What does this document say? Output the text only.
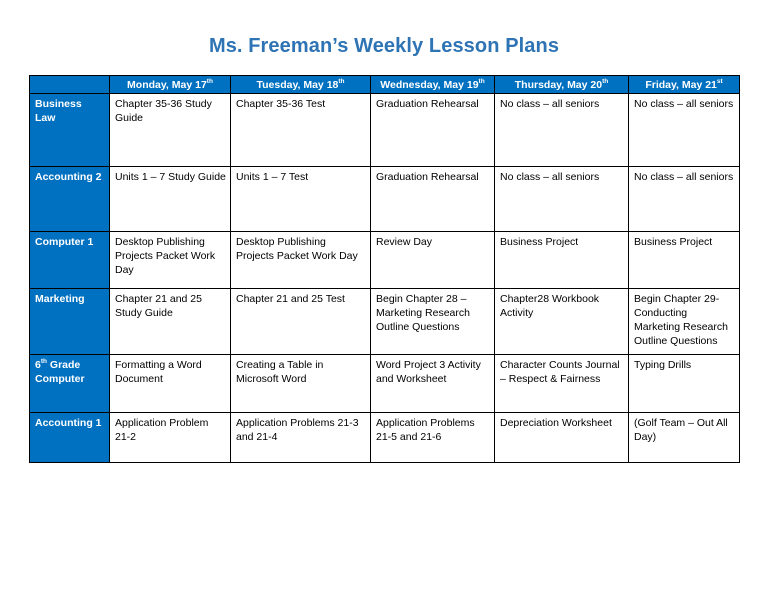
Ms. Freeman’s Weekly Lesson Plans
	Monday, May 17th	Tuesday, May 18th	Wednesday, May 19th	Thursday, May 20th	Friday, May 21st
Business Law	Chapter 35-36 Study Guide	Chapter 35-36 Test	Graduation Rehearsal	No class – all seniors	No class – all seniors
Accounting 2	Units 1 – 7 Study Guide	Units 1 – 7 Test	Graduation Rehearsal	No class – all seniors	No class – all seniors
Computer 1	Desktop Publishing Projects Packet Work Day	Desktop Publishing Projects Packet Work Day	Review Day	Business Project	Business Project
Marketing	Chapter 21 and 25 Study Guide	Chapter 21 and 25 Test	Begin Chapter 28 – Marketing Research Outline Questions	Chapter28 Workbook Activity	Begin Chapter 29- Conducting Marketing Research Outline Questions
6th Grade Computer	Formatting a Word Document	Creating a Table in Microsoft Word	Word Project 3 Activity and Worksheet	Character Counts Journal – Respect & Fairness	Typing Drills
Accounting 1	Application Problem 21-2	Application Problems 21-3 and 21-4	Application Problems 21-5 and 21-6	Depreciation Worksheet	(Golf Team – Out All Day)
